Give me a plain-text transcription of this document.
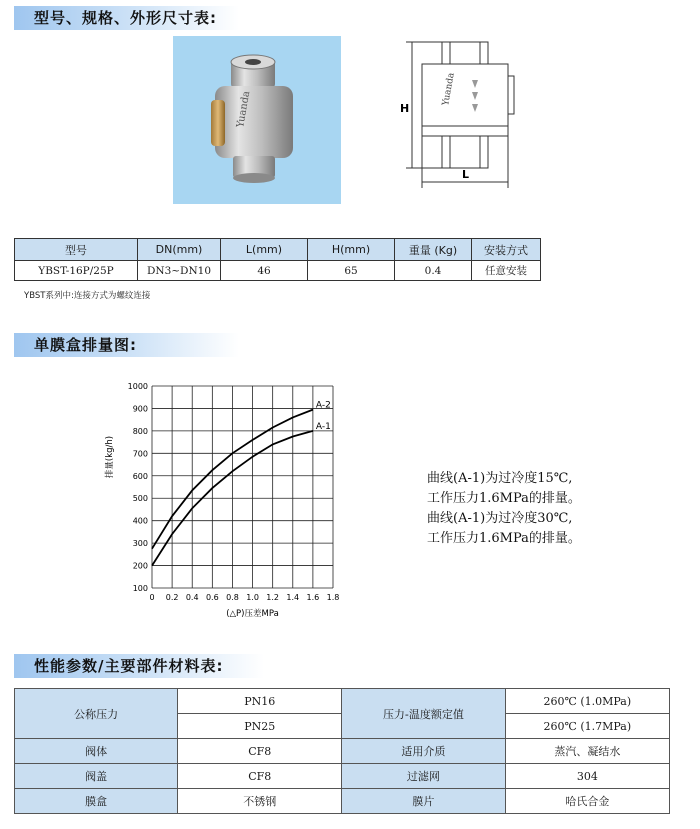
型号、规格、外形尺寸表:
Yuanda
Yuanda
H
L
型号	DN(mm)	L(mm)	H(mm)	重量 (Kg)	安装方式
YBST-16P/25P	DN3~DN10	46	65	0.4	任意安装
YBST系列中:连接方式为螺纹连接
单膜盒排量图:
0 0.2 0.4 0.6 0.8 1.0 1.2 1.4 1.6 1.8
100
200
300
400
500
600
700
800
900
1000
(△P)压差MPa
排量(kg/h)
A-2
A-1
曲线(A-1)为过冷度15℃,
工作压力1.6MPa的排量。
曲线(A-1)为过冷度30℃,
工作压力1.6MPa的排量。
性能参数/主要部件材料表:
公称压力	PN16	压力-温度额定值	260℃ (1.0MPa)
	PN25		260℃ (1.7MPa)
阀体	CF8	适用介质	蒸汽、凝结水
阀盖	CF8	过滤网	304
膜盒	不锈钢	膜片	哈氏合金
